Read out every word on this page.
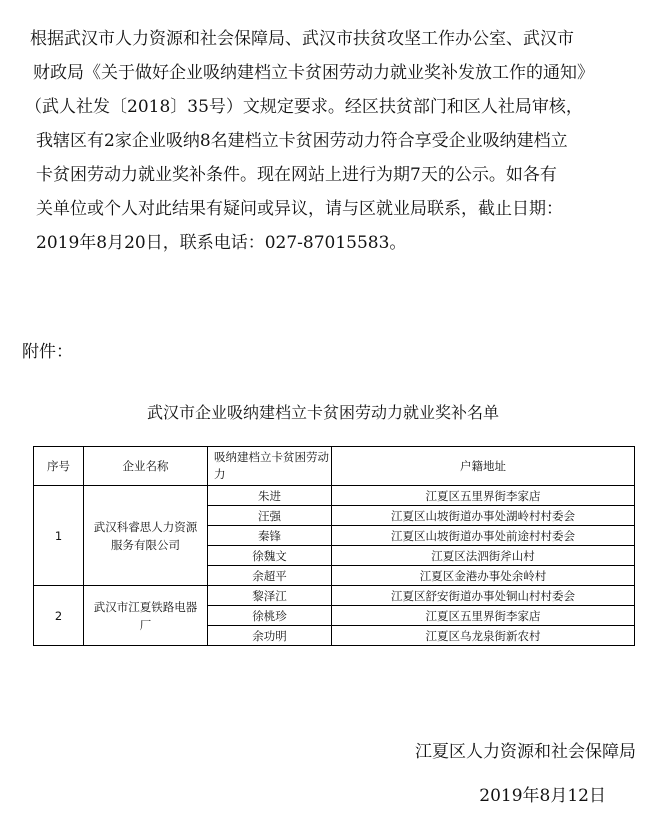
根据武汉市人力资源和社会保障局、武汉市扶贫攻坚工作办公室、武汉市
财政局《关于做好企业吸纳建档立卡贫困劳动力就业奖补发放工作的通知》
（武人社发〔2018〕35号）文规定要求。经区扶贫部门和区人社局审核，
我辖区有2家企业吸纳8名建档立卡贫困劳动力符合享受企业吸纳建档立
卡贫困劳动力就业奖补条件。现在网站上进行为期7天的公示。如各有
关单位或个人对此结果有疑问或异议，请与区就业局联系，截止日期：
2019年8月20日，联系电话：027-87015583。
附件：
武汉市企业吸纳建档立卡贫困劳动力就业奖补名单
序号	企业名称	吸纳建档立卡贫困劳动力	户籍地址
1	武汉科睿思人力资源服务有限公司	朱进	江夏区五里界街李家店
		汪强	江夏区山坡街道办事处湖岭村村委会
		秦锋	江夏区山坡街道办事处前途村村委会
		徐魏文	江夏区法泗街斧山村
		余超平	江夏区金港办事处余岭村
2	武汉市江夏铁路电器厂	黎泽江	江夏区舒安街道办事处铜山村村委会
		徐桃珍	江夏区五里界街李家店
		余功明	江夏区乌龙泉街新农村
江夏区人力资源和社会保障局
2019年8月12日
